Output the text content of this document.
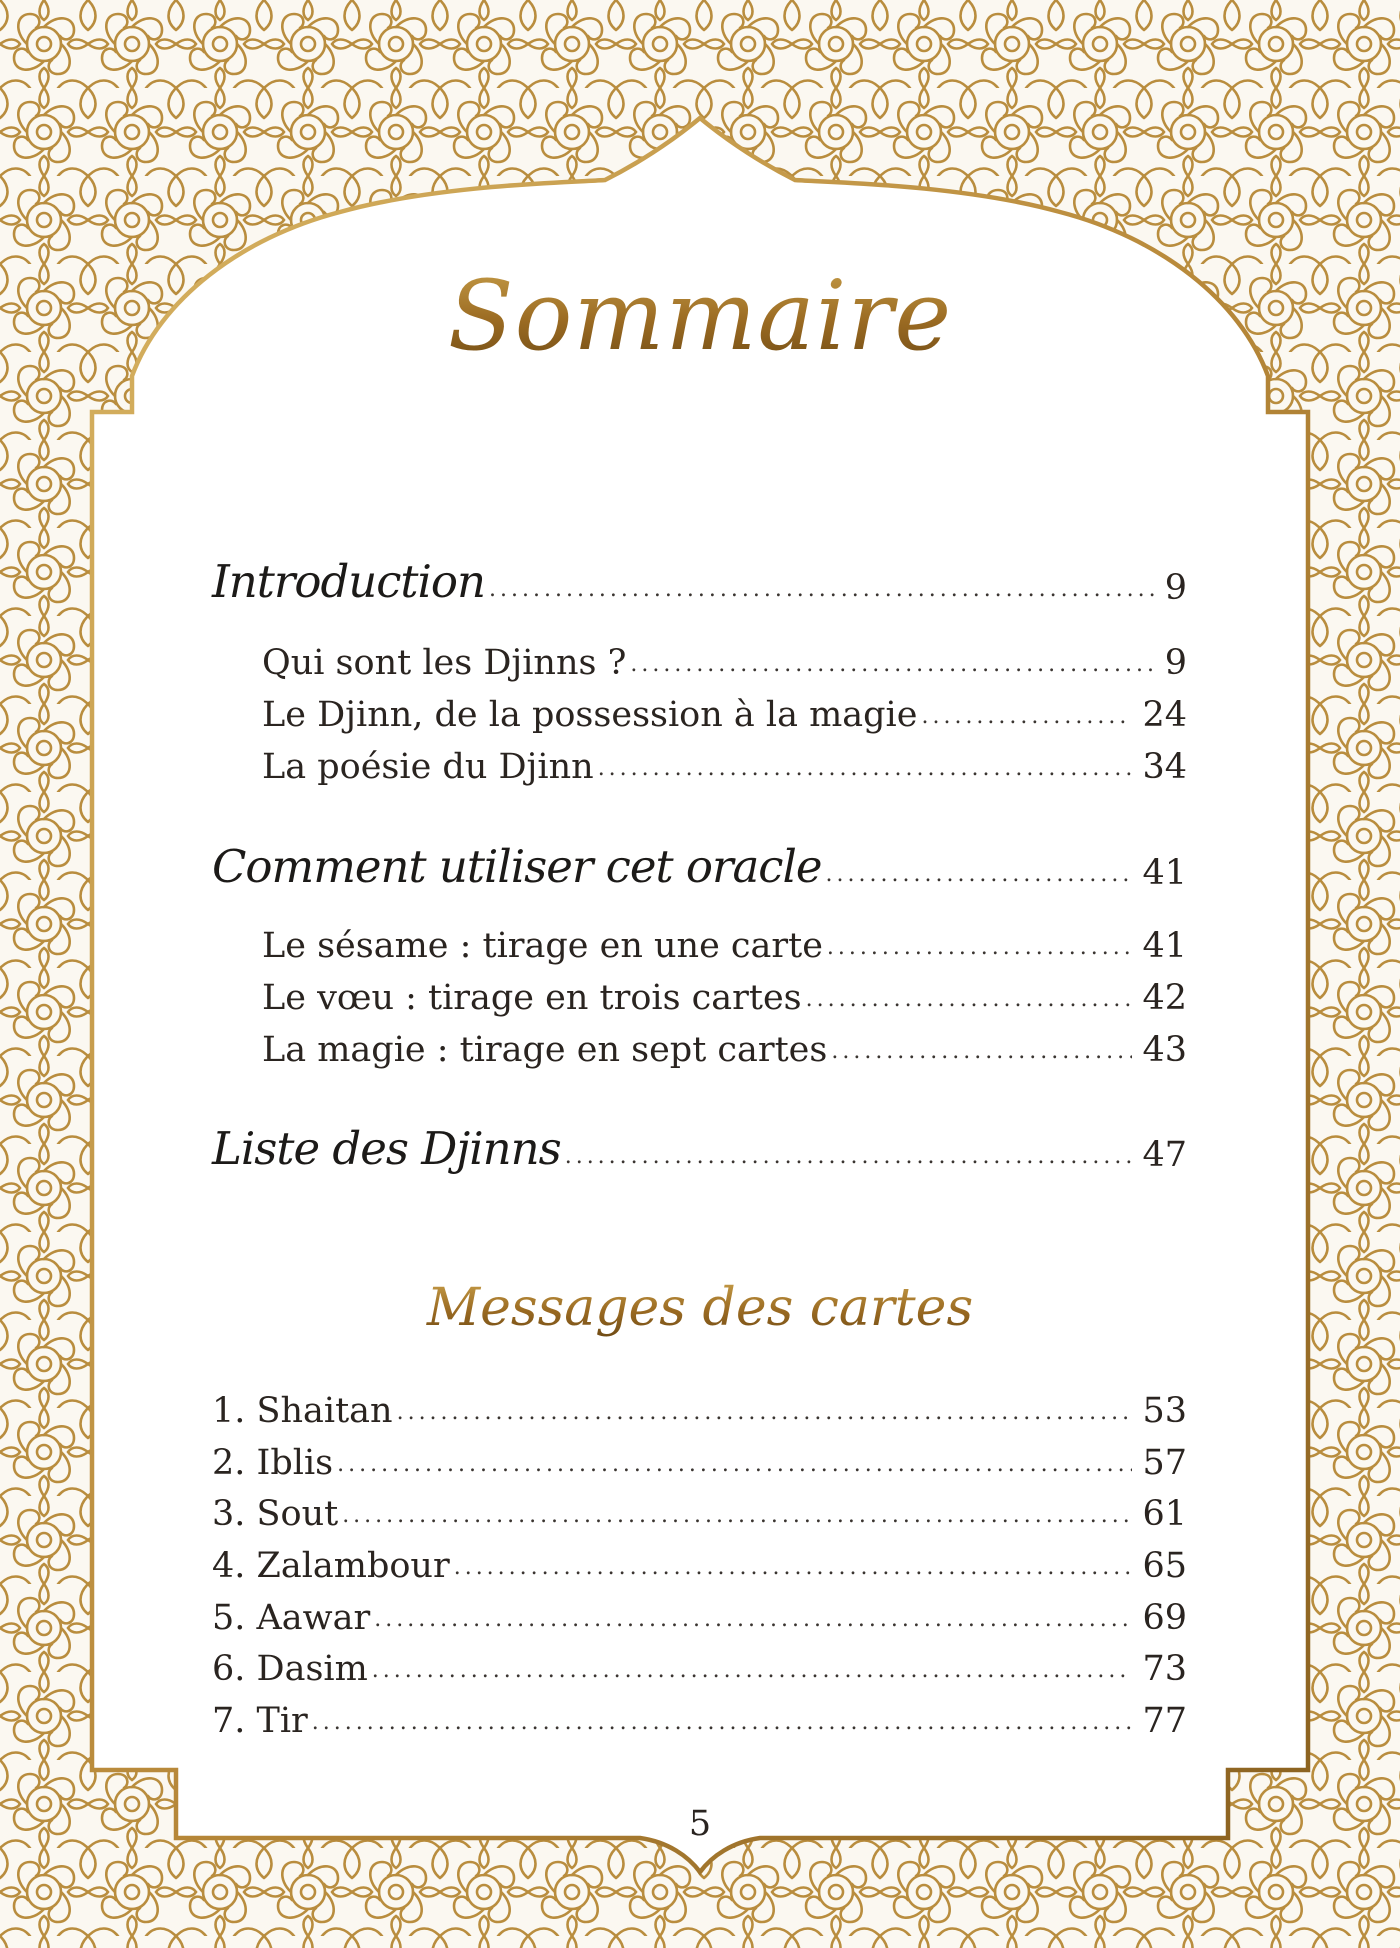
Sommaire
Introduction .....	9
Qui sont les Djinns ? .....	9
Le Djinn, de la possession à la magie .....	24
La poésie du Djinn .....	34
Comment utiliser cet oracle .....	41
Le sésame : tirage en une carte .....	41
Le vœu : tirage en trois cartes .....	42
La magie : tirage en sept cartes .....	43
Liste des Djinns .....	47
1. Shaitan .....	53
2. Iblis .....	57
3. Sout .....	61
4. Zalambour .....	65
5. Aawar .....	69
6. Dasim .....	73
7. Tir .....	77
Messages des cartes
5
